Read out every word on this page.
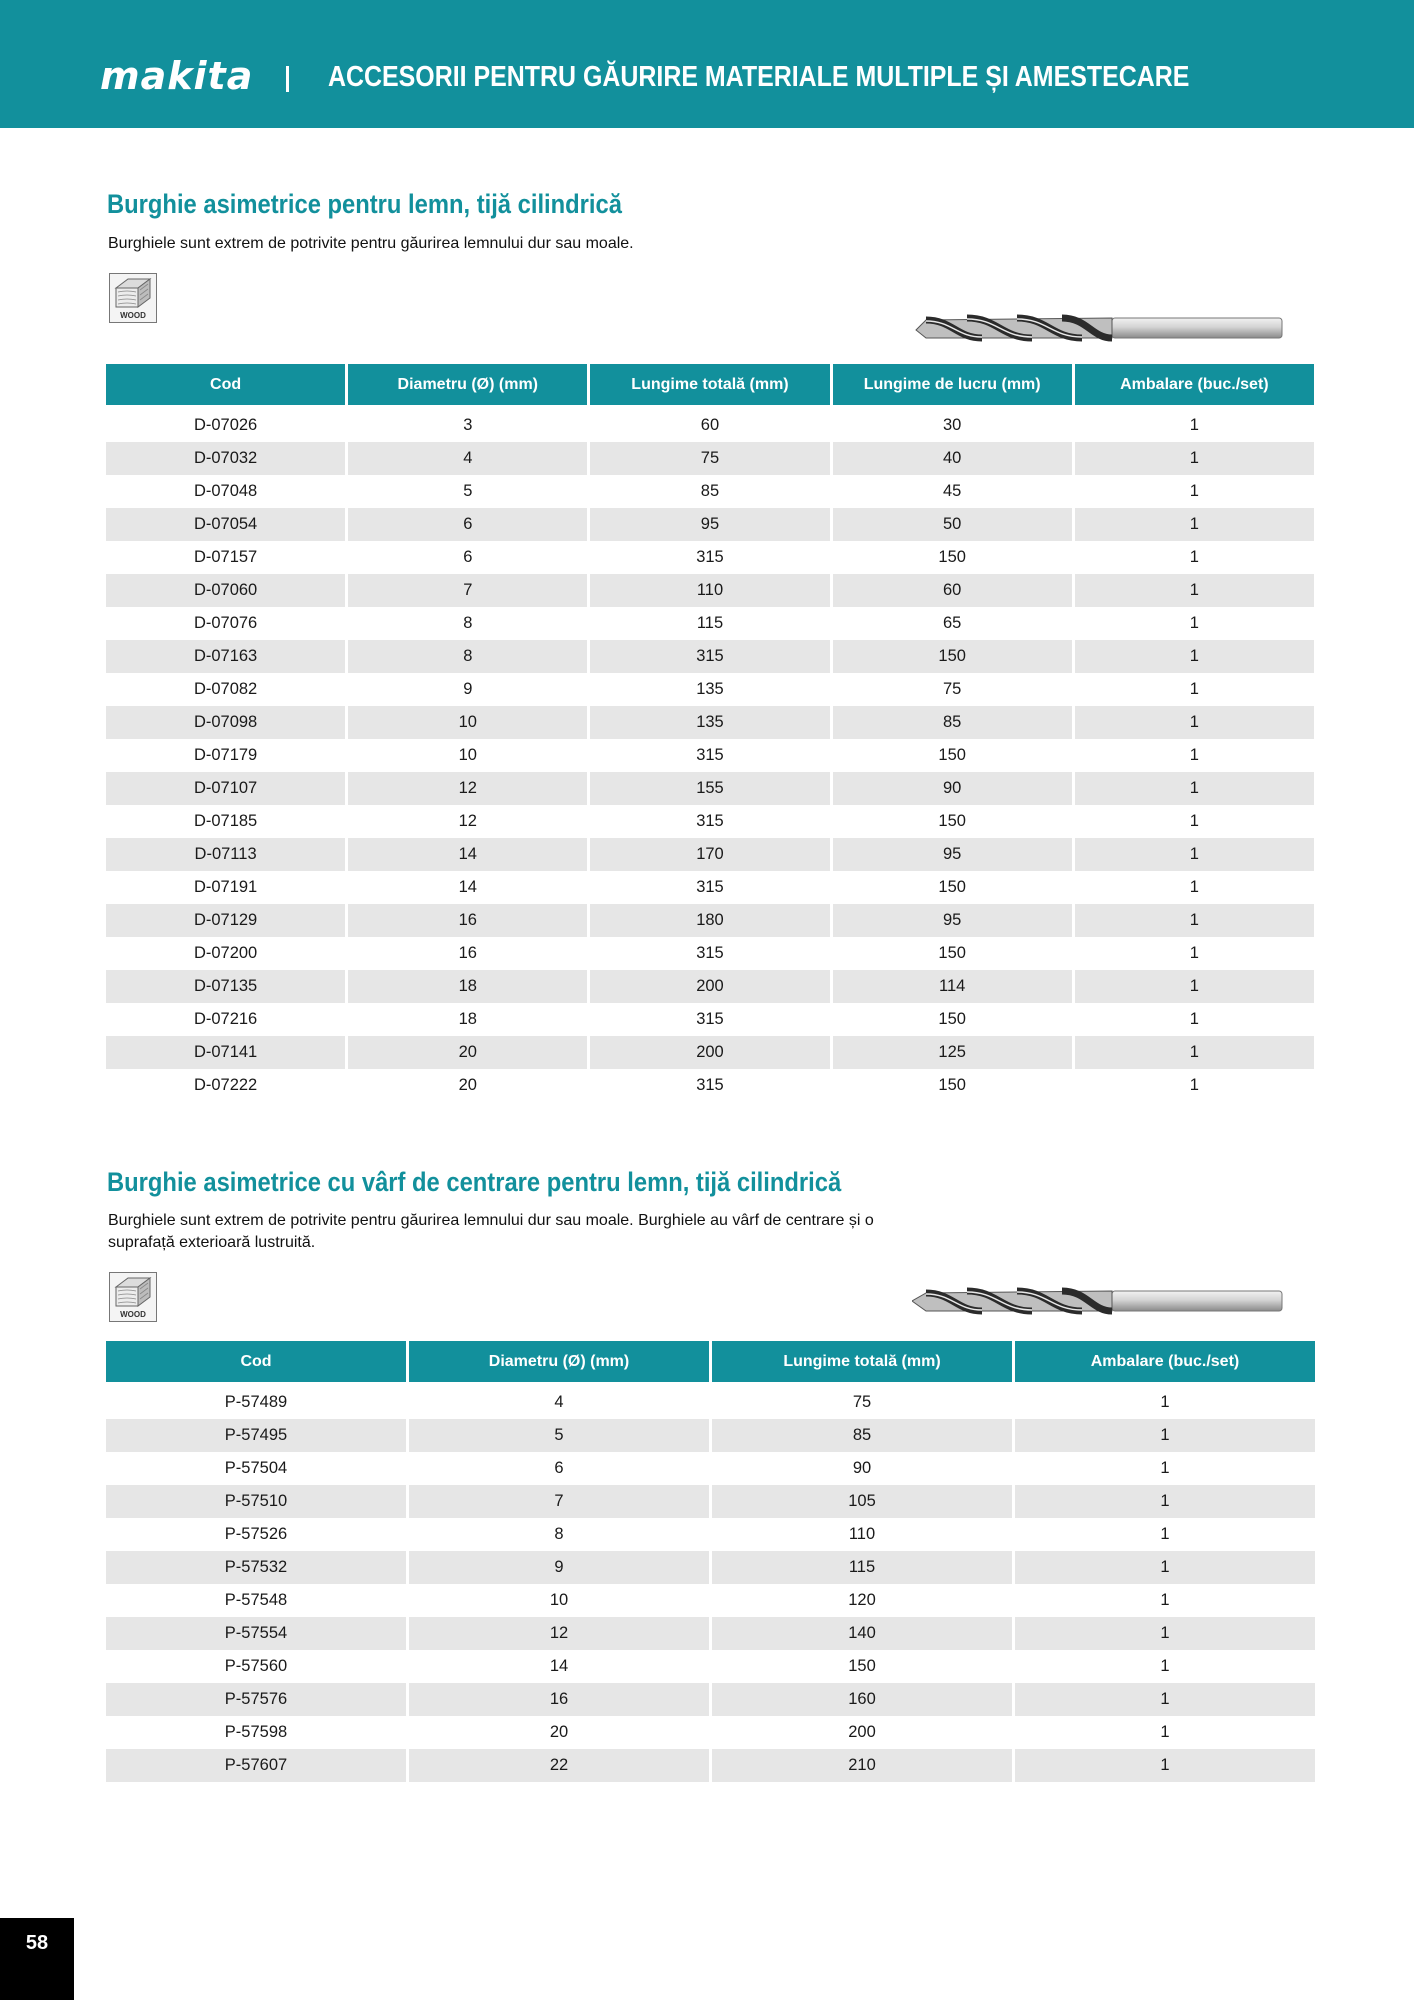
makita	ACCESORII PENTRU GĂURIRE MATERIALE MULTIPLE ȘI AMESTECARE
Burghie asimetrice pentru lemn, tijă cilindrică
Burghiele sunt extrem de potrivite pentru găurirea lemnului dur sau moale.
WOOD
Cod	Diametru (Ø) (mm)	Lungime totală (mm)	Lungime de lucru (mm)	Ambalare (buc./set)
D-07026	3	60	30	1
D-07032	4	75	40	1
D-07048	5	85	45	1
D-07054	6	95	50	1
D-07157	6	315	150	1
D-07060	7	110	60	1
D-07076	8	115	65	1
D-07163	8	315	150	1
D-07082	9	135	75	1
D-07098	10	135	85	1
D-07179	10	315	150	1
D-07107	12	155	90	1
D-07185	12	315	150	1
D-07113	14	170	95	1
D-07191	14	315	150	1
D-07129	16	180	95	1
D-07200	16	315	150	1
D-07135	18	200	114	1
D-07216	18	315	150	1
D-07141	20	200	125	1
D-07222	20	315	150	1
Burghie asimetrice cu vârf de centrare pentru lemn, tijă cilindrică
Burghiele sunt extrem de potrivite pentru găurirea lemnului dur sau moale. Burghiele au vârf de centrare și o suprafață exterioară lustruită.
WOOD
Cod	Diametru (Ø) (mm)	Lungime totală (mm)	Ambalare (buc./set)
P-57489	4	75	1
P-57495	5	85	1
P-57504	6	90	1
P-57510	7	105	1
P-57526	8	110	1
P-57532	9	115	1
P-57548	10	120	1
P-57554	12	140	1
P-57560	14	150	1
P-57576	16	160	1
P-57598	20	200	1
P-57607	22	210	1
58
